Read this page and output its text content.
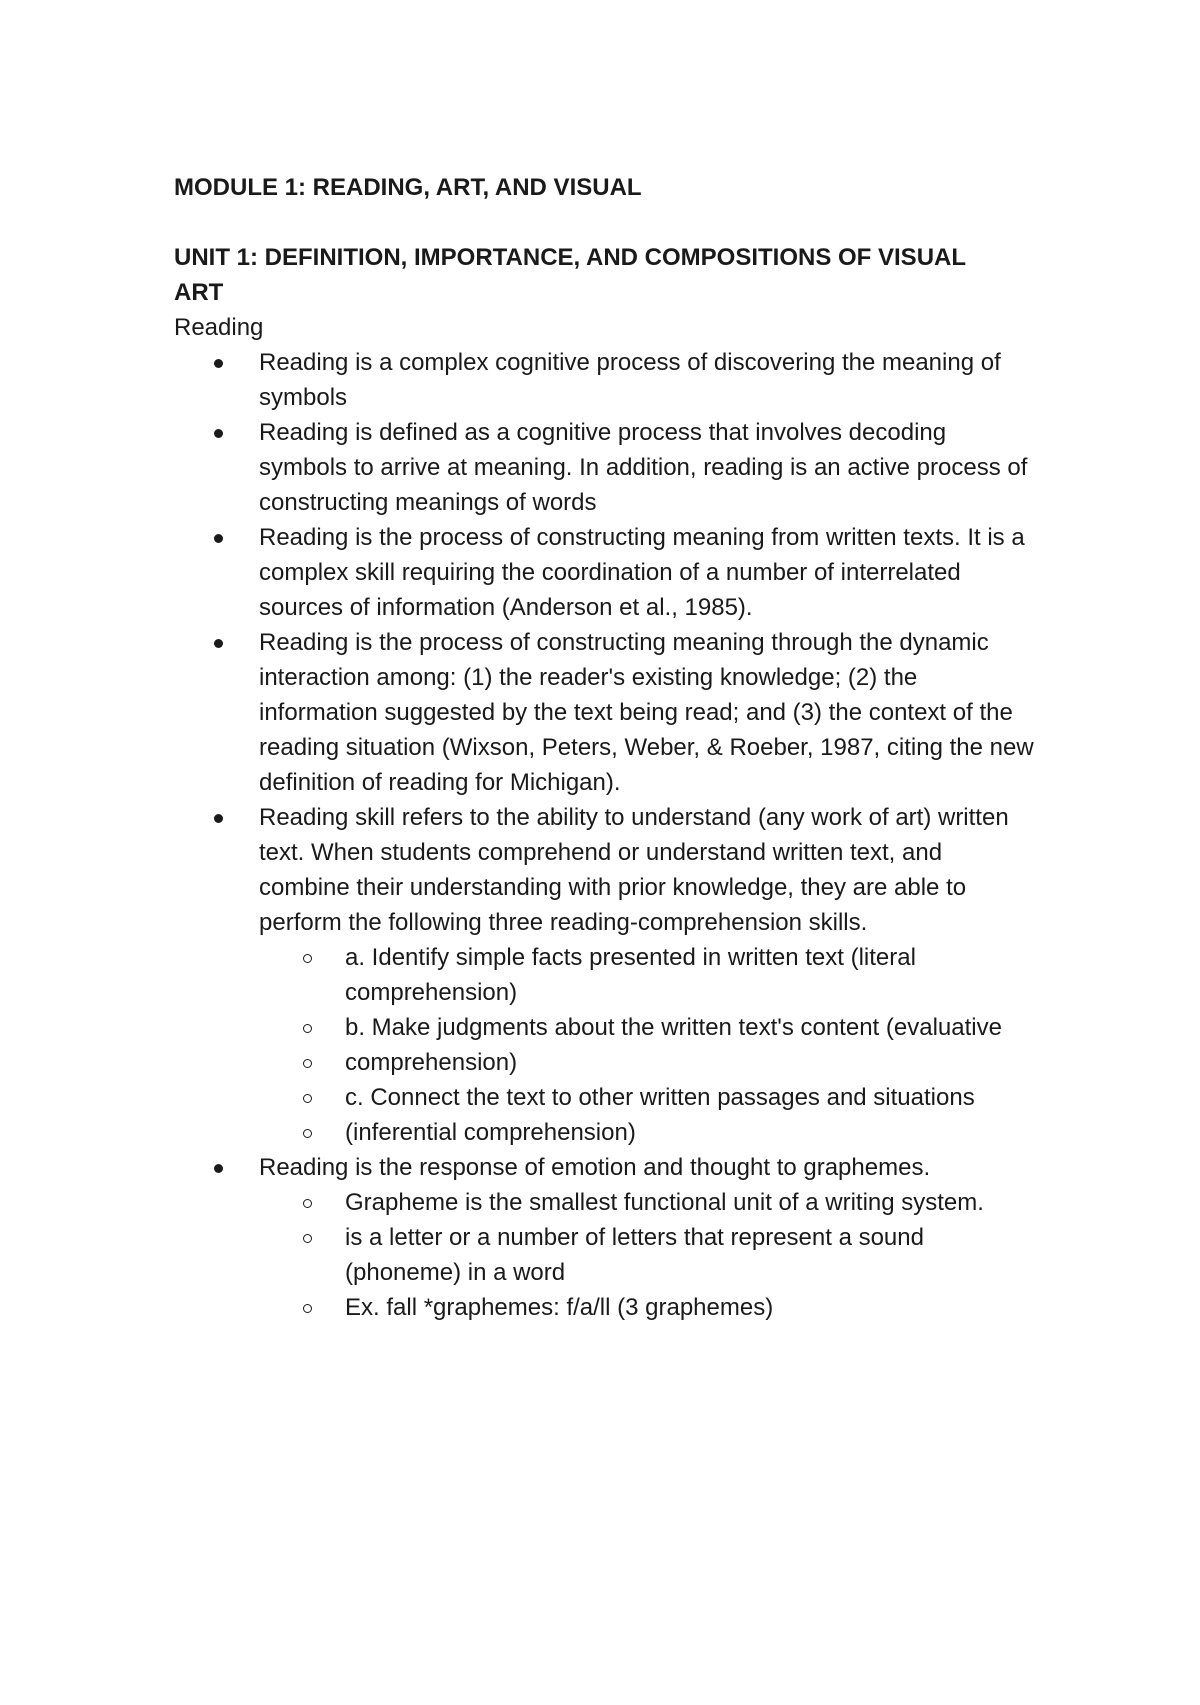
MODULE 1: READING, ART, AND VISUAL
UNIT 1: DEFINITION, IMPORTANCE, AND COMPOSITIONS OF VISUAL ART
Reading
Reading is a complex cognitive process of discovering the meaning of symbols
Reading is defined as a cognitive process that involves decoding symbols to arrive at meaning. In addition, reading is an active process of constructing meanings of words
Reading is the process of constructing meaning from written texts. It is a complex skill requiring the coordination of a number of interrelated sources of information (Anderson et al., 1985).
Reading is the process of constructing meaning through the dynamic interaction among: (1) the reader's existing knowledge; (2) the information suggested by the text being read; and (3) the context of the reading situation (Wixson, Peters, Weber, & Roeber, 1987, citing the new definition of reading for Michigan).
Reading skill refers to the ability to understand (any work of art) written text. When students comprehend or understand written text, and combine their understanding with prior knowledge, they are able to perform the following three reading-comprehension skills.
a. Identify simple facts presented in written text (literal comprehension)
b. Make judgments about the written text's content (evaluative
comprehension)
c. Connect the text to other written passages and situations
(inferential comprehension)
Reading is the response of emotion and thought to graphemes.
Grapheme is the smallest functional unit of a writing system.
is a letter or a number of letters that represent a sound (phoneme) in a word
Ex. fall *graphemes: f/a/ll (3 graphemes)
